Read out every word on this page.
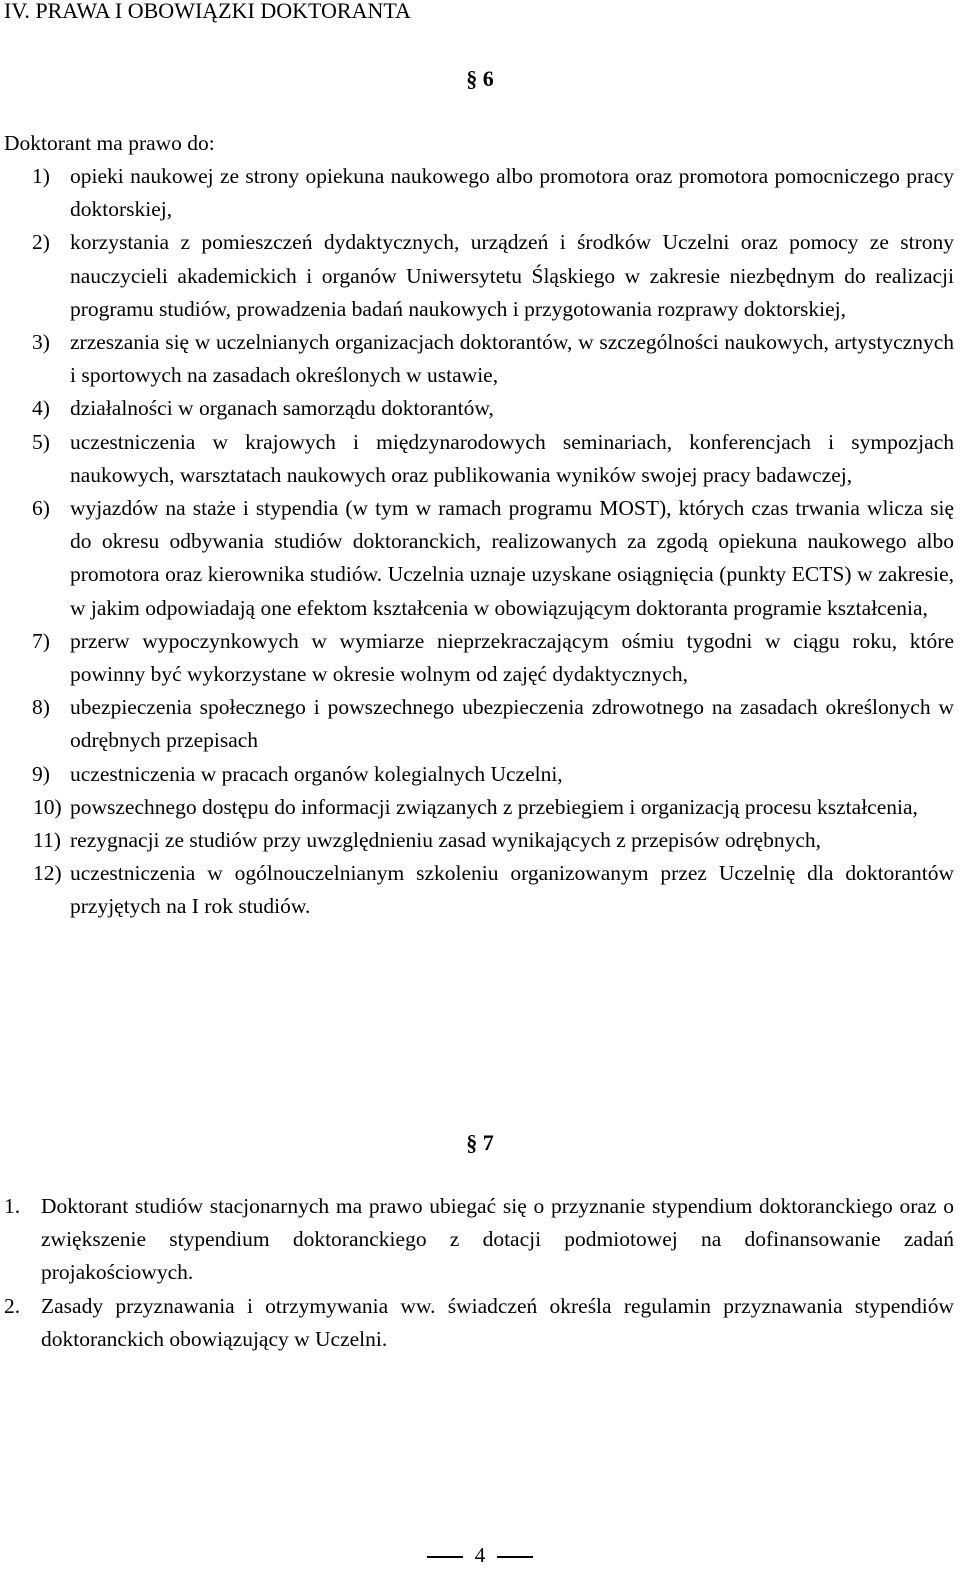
IV. PRAWA I OBOWIĄZKI DOKTORANTA
§ 6

Doktorant ma prawo do:

1) opieki naukowej ze strony opiekuna naukowego albo promotora oraz promotora pomocniczego pracy doktorskiej,
2) korzystania z pomieszczeń dydaktycznych, urządzeń i środków Uczelni oraz pomocy ze strony nauczycieli akademickich i organów Uniwersytetu Śląskiego w zakresie niezbędnym do realizacji programu studiów, prowadzenia badań naukowych i przygotowania rozprawy doktorskiej,
3) zrzeszania się w uczelnianych organizacjach doktorantów, w szczególności naukowych, artystycznych i sportowych na zasadach określonych w ustawie,
4) działalności w organach samorządu doktorantów,
5) uczestniczenia w krajowych i międzynarodowych seminariach, konferencjach i sympozjach naukowych, warsztatach naukowych oraz publikowania wyników swojej pracy badawczej,
6) wyjazdów na staże i stypendia (w tym w ramach programu MOST), których czas trwania wlicza się do okresu odbywania studiów doktoranckich, realizowanych za zgodą opiekuna naukowego albo promotora oraz kierownika studiów. Uczelnia uznaje uzyskane osiągnięcia (punkty ECTS) w zakresie, w jakim odpowiadają one efektom kształcenia w obowiązującym doktoranta programie kształcenia,
7) przerw wypoczynkowych w wymiarze nieprzekraczającym ośmiu tygodni w ciągu roku, które powinny być wykorzystane w okresie wolnym od zajęć dydaktycznych,
8) ubezpieczenia społecznego i powszechnego ubezpieczenia zdrowotnego na zasadach określonych w odrębnych przepisach
9) uczestniczenia w pracach organów kolegialnych Uczelni,
10) powszechnego dostępu do informacji związanych z przebiegiem i organizacją procesu kształcenia,
11) rezygnacji ze studiów przy uwzględnieniu zasad wynikających z przepisów odrębnych,
12) uczestniczenia w ogólnouczelnianym szkoleniu organizowanym przez Uczelnię dla doktorantów przyjętych na I rok studiów.
§ 7
1. Doktorant studiów stacjonarnych ma prawo ubiegać się o przyznanie stypendium doktoranckiego oraz o zwiększenie stypendium doktoranckiego z dotacji podmiotowej na dofinansowanie zadań projakościowych.
2. Zasady przyznawania i otrzymywania ww. świadczeń określa regulamin przyznawania stypendiów doktoranckich obowiązujący w Uczelni.
4
